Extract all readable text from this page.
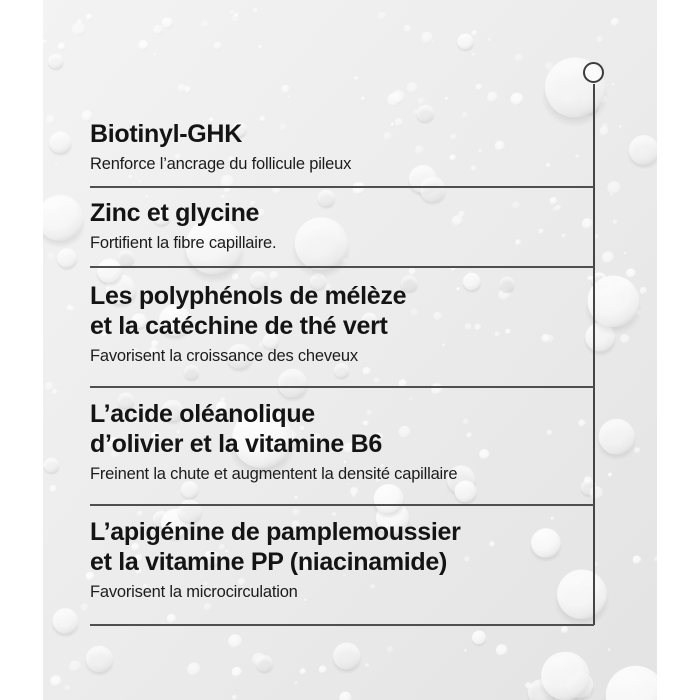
Biotinyl-GHK
Renforce l’ancrage du follicule pileux
Zinc et glycine
Fortifient la fibre capillaire.
Les polyphénols de mélèze
et la catéchine de thé vert
Favorisent la croissance des cheveux
L’acide oléanolique
d’olivier et la vitamine B6
Freinent la chute et augmentent la densité capillaire
L’apigénine de pamplemoussier
et la vitamine PP (niacinamide)
Favorisent la microcirculation
